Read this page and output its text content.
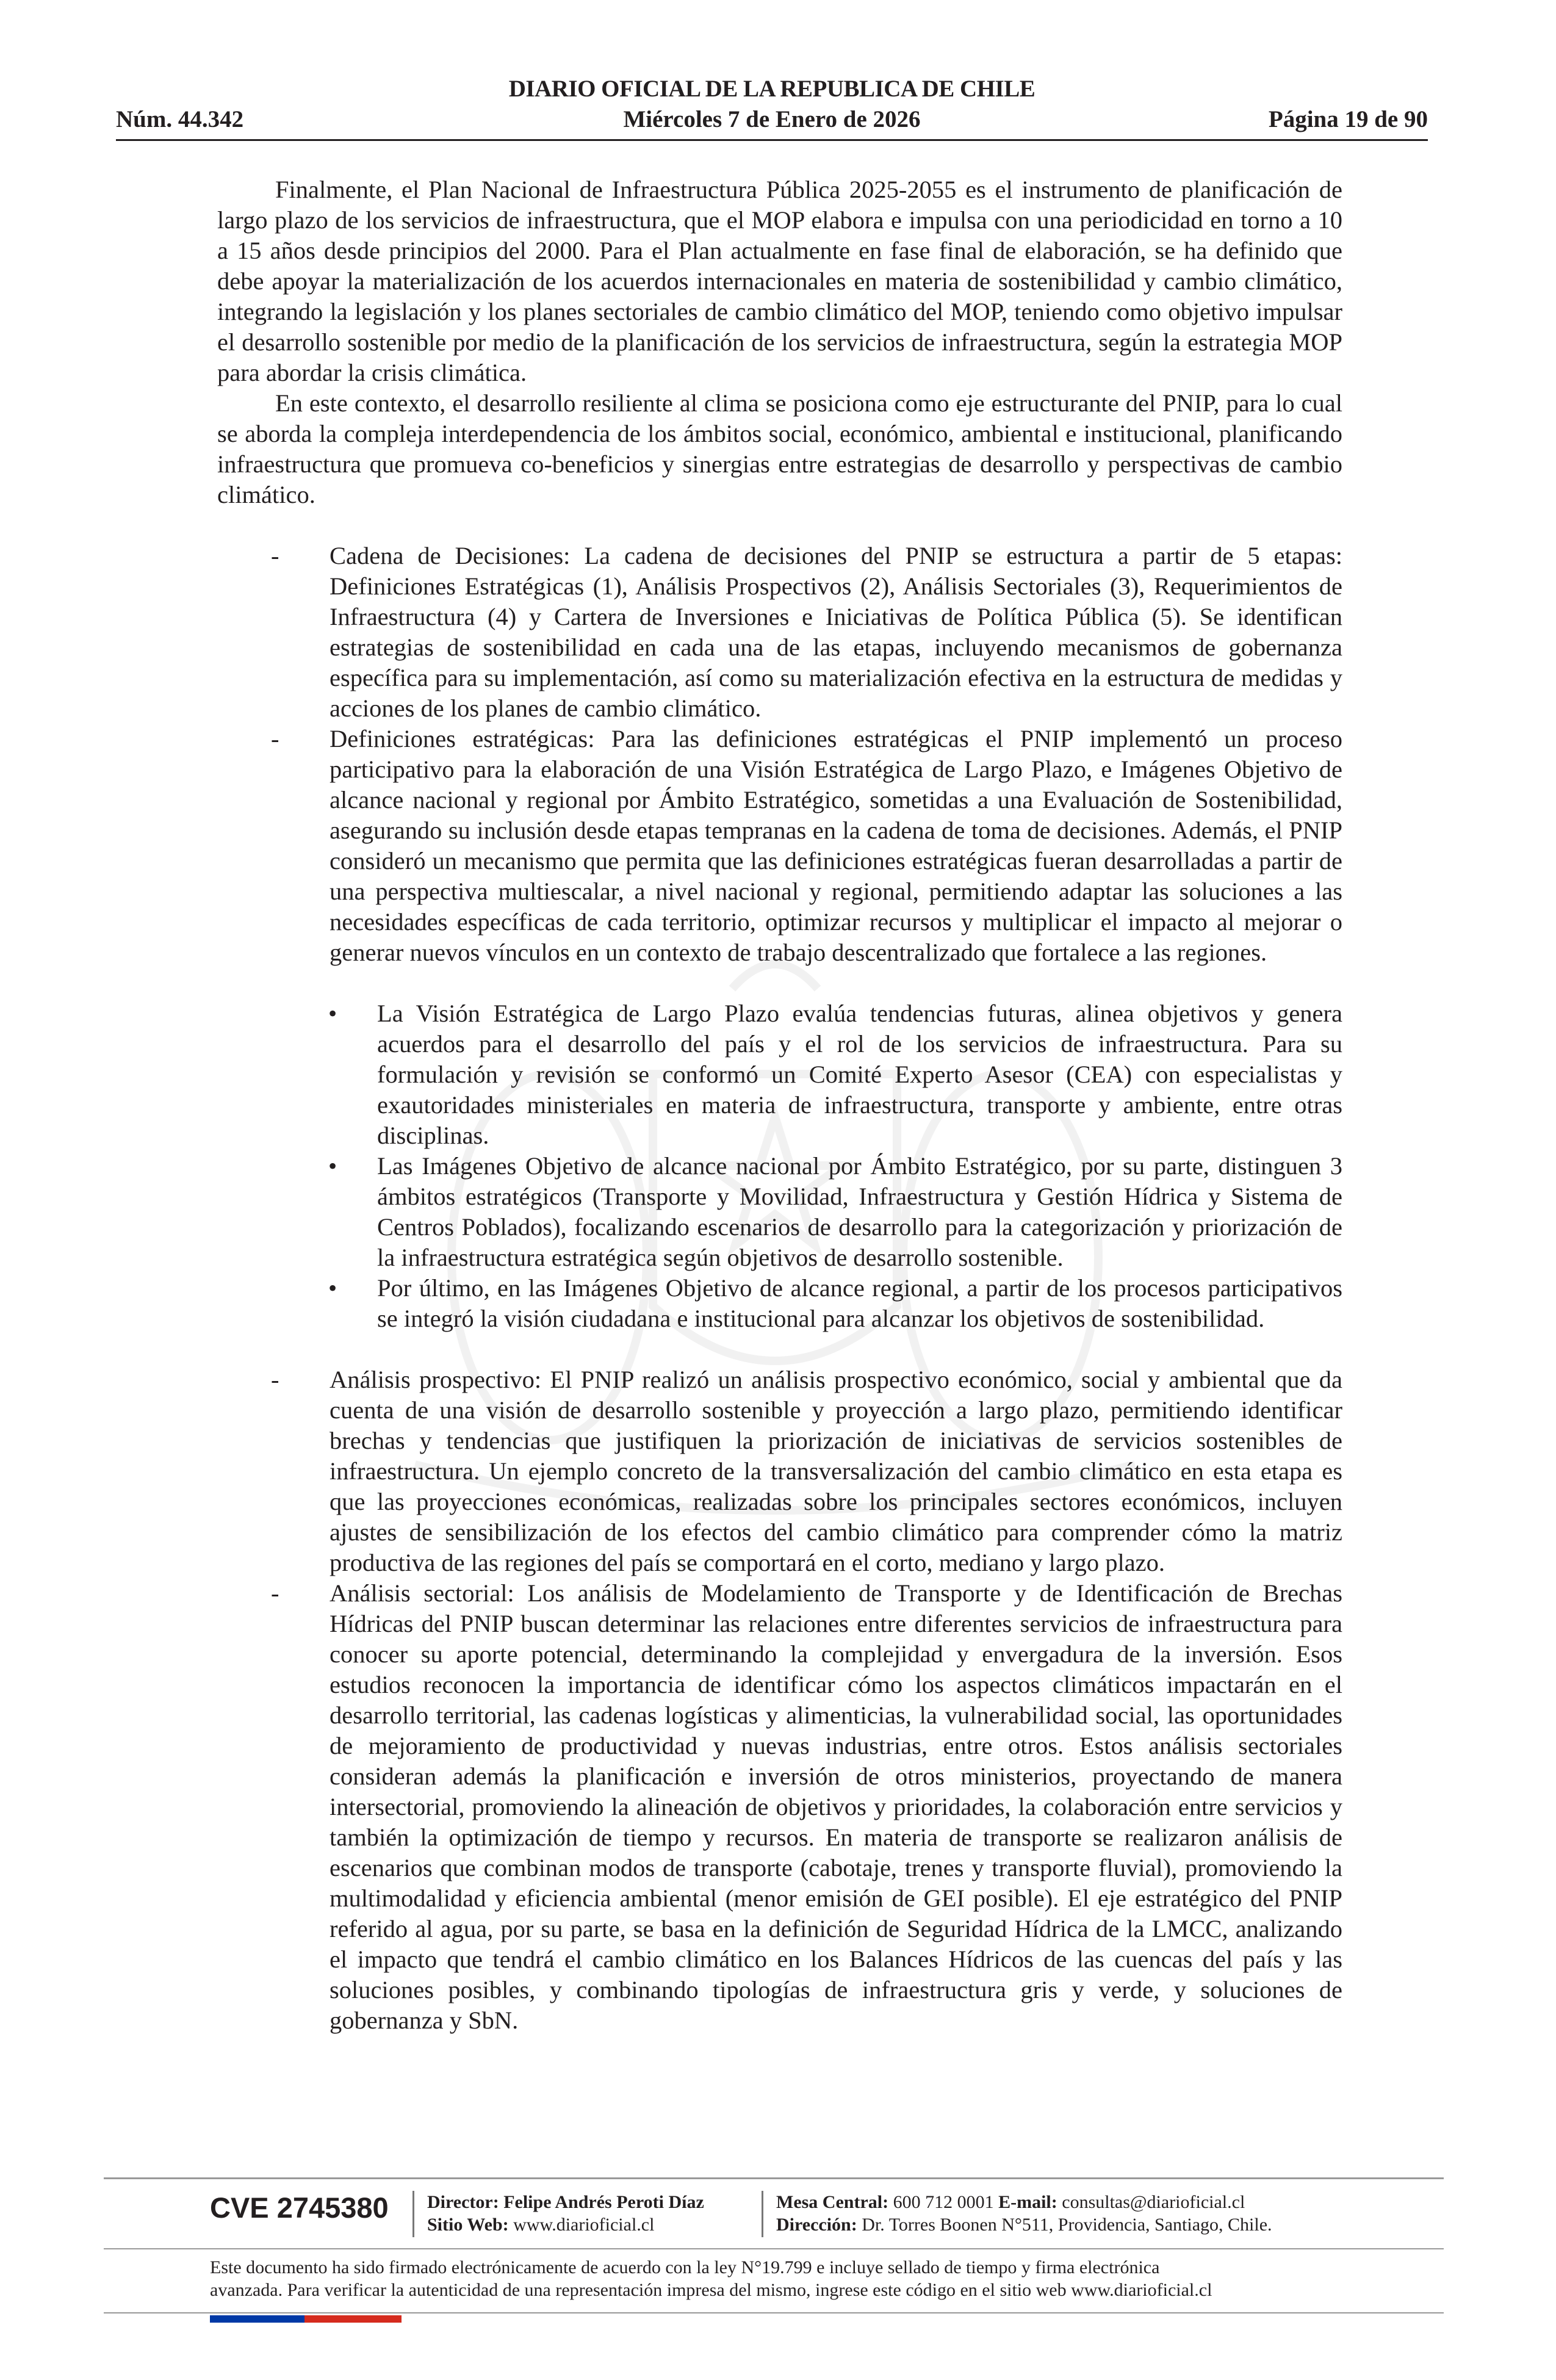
DIARIO OFICIAL DE LA REPUBLICA DE CHILE
Núm. 44.342	Miércoles 7 de Enero de 2026	Página 19 de 90

Finalmente, el Plan Nacional de Infraestructura Pública 2025-2055 es el instrumento de planificación de largo plazo de los servicios de infraestructura, que el MOP elabora e impulsa con una periodicidad en torno a 10 a 15 años desde principios del 2000. Para el Plan actualmente en fase final de elaboración, se ha definido que debe apoyar la materialización de los acuerdos internacionales en materia de sostenibilidad y cambio climático, integrando la legislación y los planes sectoriales de cambio climático del MOP, teniendo como objetivo impulsar el desarrollo sostenible por medio de la planificación de los servicios de infraestructura, según la estrategia MOP para abordar la crisis climática.

En este contexto, el desarrollo resiliente al clima se posiciona como eje estructurante del PNIP, para lo cual se aborda la compleja interdependencia de los ámbitos social, económico, ambiental e institucional, planificando infraestructura que promueva co-beneficios y sinergias entre estrategias de desarrollo y perspectivas de cambio climático.

- Cadena de Decisiones: La cadena de decisiones del PNIP se estructura a partir de 5 etapas: Definiciones Estratégicas (1), Análisis Prospectivos (2), Análisis Sectoriales (3), Requerimientos de Infraestructura (4) y Cartera de Inversiones e Iniciativas de Política Pública (5). Se identifican estrategias de sostenibilidad en cada una de las etapas, incluyendo mecanismos de gobernanza específica para su implementación, así como su materialización efectiva en la estructura de medidas y acciones de los planes de cambio climático.
- Definiciones estratégicas: Para las definiciones estratégicas el PNIP implementó un proceso participativo para la elaboración de una Visión Estratégica de Largo Plazo, e Imágenes Objetivo de alcance nacional y regional por Ámbito Estratégico, sometidas a una Evaluación de Sostenibilidad, asegurando su inclusión desde etapas tempranas en la cadena de toma de decisiones. Además, el PNIP consideró un mecanismo que permita que las definiciones estratégicas fueran desarrolladas a partir de una perspectiva multiescalar, a nivel nacional y regional, permitiendo adaptar las soluciones a las necesidades específicas de cada territorio, optimizar recursos y multiplicar el impacto al mejorar o generar nuevos vínculos en un contexto de trabajo descentralizado que fortalece a las regiones.
• La Visión Estratégica de Largo Plazo evalúa tendencias futuras, alinea objetivos y genera acuerdos para el desarrollo del país y el rol de los servicios de infraestructura. Para su formulación y revisión se conformó un Comité Experto Asesor (CEA) con especialistas y exautoridades ministeriales en materia de infraestructura, transporte y ambiente, entre otras disciplinas.
• Las Imágenes Objetivo de alcance nacional por Ámbito Estratégico, por su parte, distinguen 3 ámbitos estratégicos (Transporte y Movilidad, Infraestructura y Gestión Hídrica y Sistema de Centros Poblados), focalizando escenarios de desarrollo para la categorización y priorización de la infraestructura estratégica según objetivos de desarrollo sostenible.
• Por último, en las Imágenes Objetivo de alcance regional, a partir de los procesos participativos se integró la visión ciudadana e institucional para alcanzar los objetivos de sostenibilidad.
- Análisis prospectivo: El PNIP realizó un análisis prospectivo económico, social y ambiental que da cuenta de una visión de desarrollo sostenible y proyección a largo plazo, permitiendo identificar brechas y tendencias que justifiquen la priorización de iniciativas de servicios sostenibles de infraestructura. Un ejemplo concreto de la transversalización del cambio climático en esta etapa es que las proyecciones económicas, realizadas sobre los principales sectores económicos, incluyen ajustes de sensibilización de los efectos del cambio climático para comprender cómo la matriz productiva de las regiones del país se comportará en el corto, mediano y largo plazo.
- Análisis sectorial: Los análisis de Modelamiento de Transporte y de Identificación de Brechas Hídricas del PNIP buscan determinar las relaciones entre diferentes servicios de infraestructura para conocer su aporte potencial, determinando la complejidad y envergadura de la inversión. Esos estudios reconocen la importancia de identificar cómo los aspectos climáticos impactarán en el desarrollo territorial, las cadenas logísticas y alimenticias, la vulnerabilidad social, las oportunidades de mejoramiento de productividad y nuevas industrias, entre otros. Estos análisis sectoriales consideran además la planificación e inversión de otros ministerios, proyectando de manera intersectorial, promoviendo la alineación de objetivos y prioridades, la colaboración entre servicios y también la optimización de tiempo y recursos. En materia de transporte se realizaron análisis de escenarios que combinan modos de transporte (cabotaje, trenes y transporte fluvial), promoviendo la multimodalidad y eficiencia ambiental (menor emisión de GEI posible). El eje estratégico del PNIP referido al agua, por su parte, se basa en la definición de Seguridad Hídrica de la LMCC, analizando el impacto que tendrá el cambio climático en los Balances Hídricos de las cuencas del país y las soluciones posibles, y combinando tipologías de infraestructura gris y verde, y soluciones de gobernanza y SbN.
CVE 2745380 Director: Felipe Andrés Peroti Díaz
Sitio Web: www.diarioficial.cl
Mesa Central: 600 712 0001 E-mail: consultas@diarioficial.cl
Dirección: Dr. Torres Boonen N°511, Providencia, Santiago, Chile.
Este documento ha sido firmado electrónicamente de acuerdo con la ley N°19.799 e incluye sellado de tiempo y firma electrónica
avanzada. Para verificar la autenticidad de una representación impresa del mismo, ingrese este código en el sitio web www.diarioficial.cl
